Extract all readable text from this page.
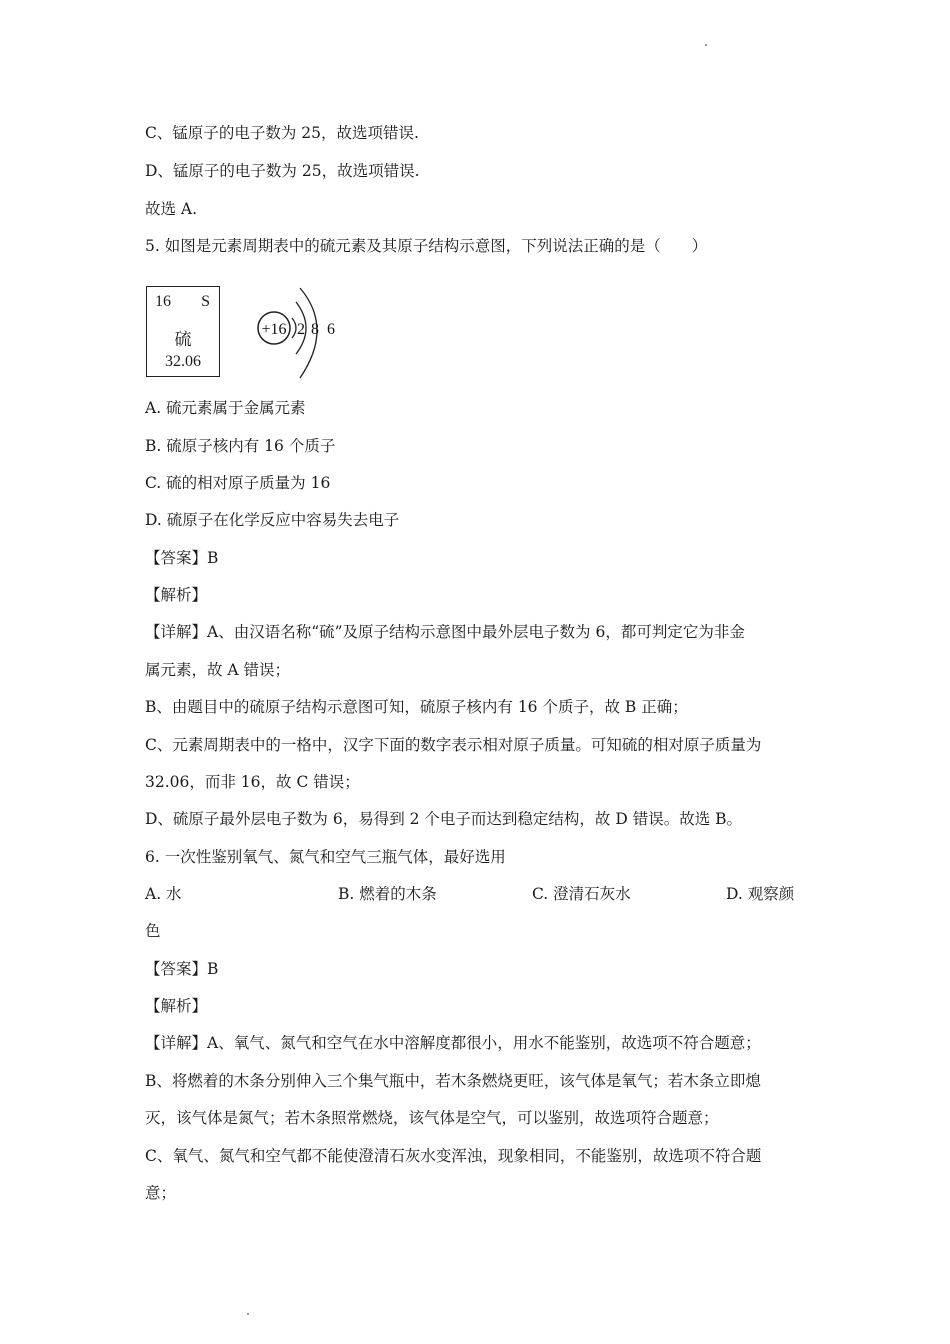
C、锰原子的电子数为 25，故选项错误.
D、锰原子的电子数为 25，故选项错误.
故选 A.
5. 如图是元素周期表中的硫元素及其原子结构示意图，下列说法正确的是（　　）
16 S
硫
32.06
+16 2 8 6
A. 硫元素属于金属元素
B. 硫原子核内有 16 个质子
C. 硫的相对原子质量为 16
D. 硫原子在化学反应中容易失去电子
【答案】B
【解析】
【详解】A、由汉语名称“硫”及原子结构示意图中最外层电子数为 6，都可判定它为非金
属元素，故 A 错误；
B、由题目中的硫原子结构示意图可知，硫原子核内有 16 个质子，故 B 正确；
C、元素周期表中的一格中，汉字下面的数字表示相对原子质量。可知硫的相对原子质量为
32.06，而非 16，故 C 错误；
D、硫原子最外层电子数为 6，易得到 2 个电子而达到稳定结构，故 D 错误。故选 B。
6. 一次性鉴别氧气、氮气和空气三瓶气体，最好选用
A. 水	B. 燃着的木条	C. 澄清石灰水	D. 观察颜
色
【答案】B
【解析】
【详解】A、氧气、氮气和空气在水中溶解度都很小，用水不能鉴别，故选项不符合题意；
B、将燃着的木条分别伸入三个集气瓶中，若木条燃烧更旺，该气体是氧气；若木条立即熄
灭，该气体是氮气；若木条照常燃烧，该气体是空气，可以鉴别，故选项符合题意；
C、氧气、氮气和空气都不能使澄清石灰水变浑浊，现象相同，不能鉴别，故选项不符合题
意；
